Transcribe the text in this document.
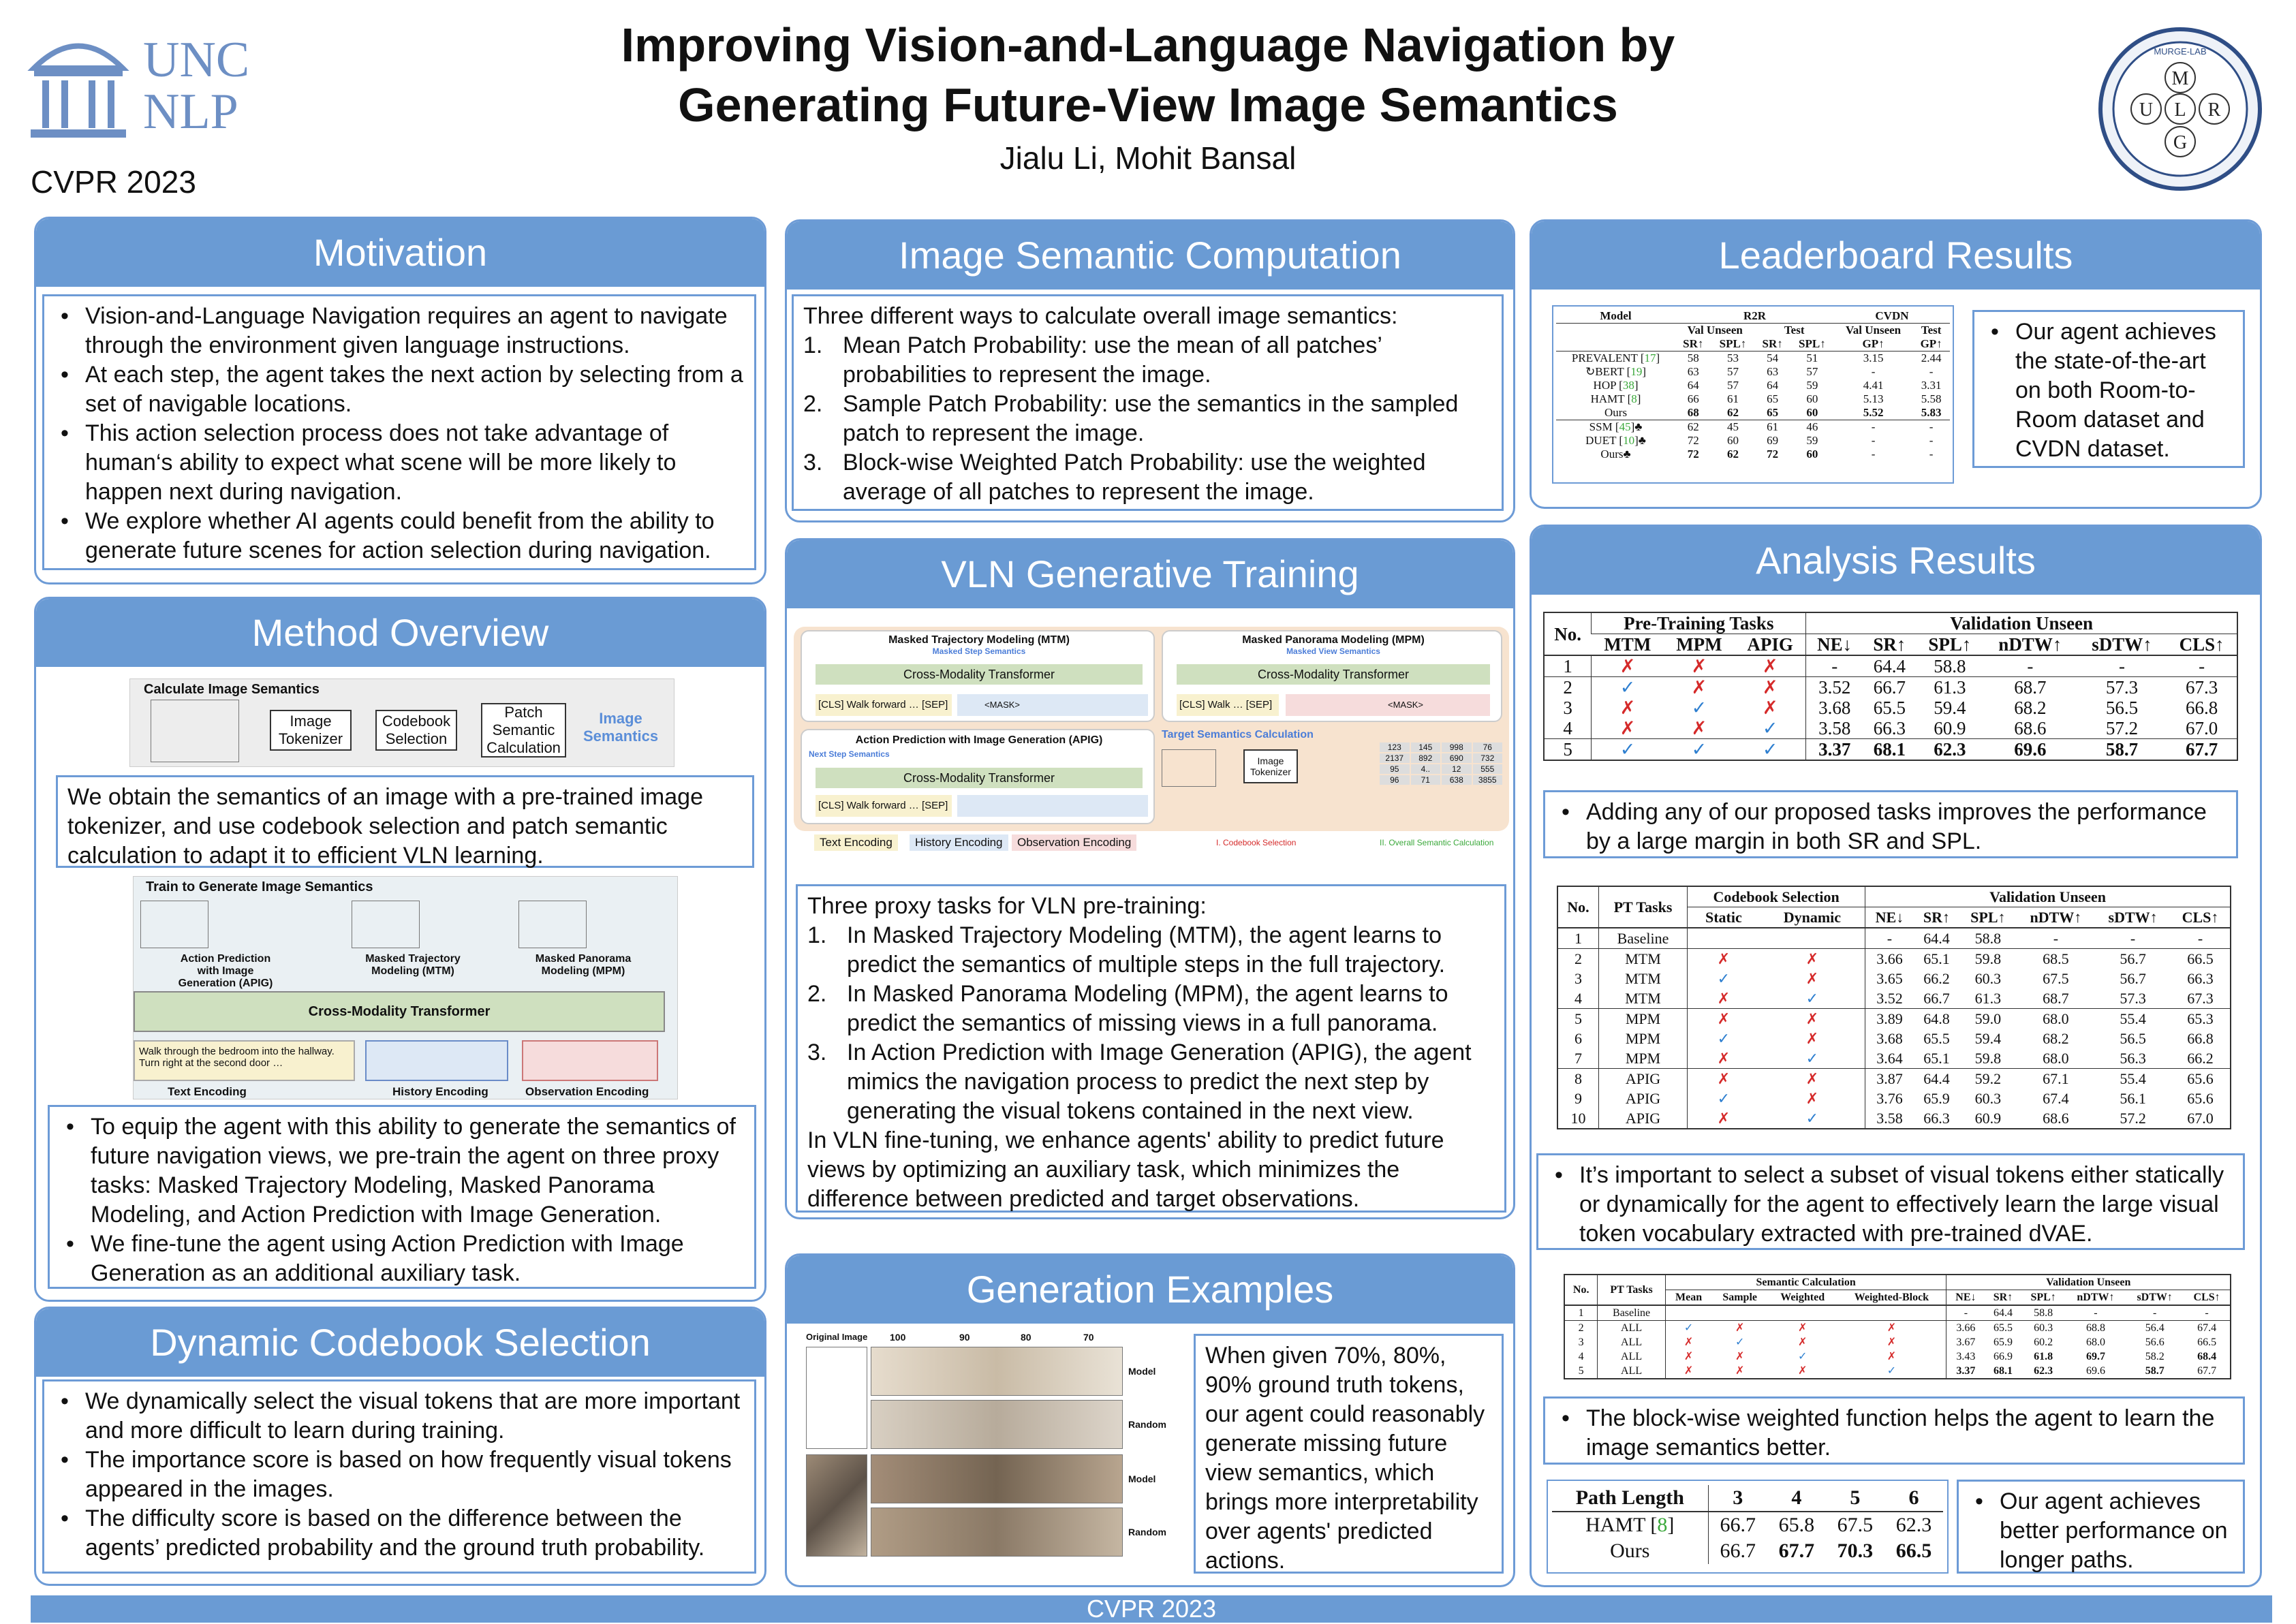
UNC
NLP
Improving Vision-and-Language Navigation by
Generating Future-View Image Semantics
Jialu Li, Mohit Bansal
CVPR 2023
MURGE-LAB
M
U L R
G
Motivation
• Vision-and-Language Navigation requires an agent to navigate through the environment given language instructions.
• At each step, the agent takes the next action by selecting from a set of navigable locations.
• This action selection process does not take advantage of human‘s ability to expect what scene will be more likely to happen next during navigation.
• We explore whether AI agents could benefit from the ability to generate future scenes for action selection during navigation.
Method Overview
Calculate Image Semantics
Image Tokenizer
Codebook Selection
Patch Semantic Calculation
Image Semantics
We obtain the semantics of an image with a pre-trained image tokenizer, and use codebook selection and patch semantic calculation to adapt it to efficient VLN learning.
Train to Generate Image Semantics
Action Prediction with Image Generation (APIG)
Masked Trajectory Modeling (MTM)
Masked Panorama Modeling (MPM)
Cross-Modality Transformer
Walk through the bedroom into the hallway. Turn right at the second door …
Text Encoding	History Encoding	Observation Encoding
• To equip the agent with this ability to generate the semantics of future navigation views, we pre-train the agent on three proxy tasks: Masked Trajectory Modeling, Masked Panorama Modeling, and Action Prediction with Image Generation.
• We fine-tune the agent using Action Prediction with Image Generation as an additional auxiliary task.
Dynamic Codebook Selection
• We dynamically select the visual tokens that are more important and more difficult to learn during training.
• The importance score is based on how frequently visual tokens appeared in the images.
• The difficulty score is based on the difference between the agents’ predicted probability and the ground truth probability.
Image Semantic Computation
Three different ways to calculate overall image semantics:
1. Mean Patch Probability: use the mean of all patches’ probabilities to represent the image.
2. Sample Patch Probability: use the semantics in the sampled patch to represent the image.
3. Block-wise Weighted Patch Probability: use the weighted average of all patches to represent the image.
VLN Generative Training
Masked Trajectory Modeling (MTM)
Masked Step Semantics
Cross-Modality Transformer
[CLS] Walk forward … [SEP]	<MASK>
Masked Panorama Modeling (MPM)
Masked View Semantics
Cross-Modality Transformer
[CLS] Walk … [SEP]	<MASK>
Action Prediction with Image Generation (APIG)
Next Step Semantics
Cross-Modality Transformer
[CLS] Walk forward … [SEP]
Target Semantics Calculation
Image Tokenizer
123	145	998	76
2137	892	690	732
95	4..	12	555
96	71	638	3855
I. Codebook Selection	II. Overall Semantic Calculation
Text Encoding	History Encoding	Observation Encoding
Three proxy tasks for VLN pre-training:
1. In Masked Trajectory Modeling (MTM), the agent learns to predict the semantics of multiple steps in the full trajectory.
2. In Masked Panorama Modeling (MPM), the agent learns to predict the semantics of missing views in a full panorama.
3. In Action Prediction with Image Generation (APIG), the agent mimics the navigation process to predict the next step by generating the visual tokens contained in the next view.
In VLN fine-tuning, we enhance agents' ability to predict future views by optimizing an auxiliary task, which minimizes the difference between predicted and target observations.
Generation Examples
Original Image 100	90	80	70
Model
Random
Model
Random
When given 70%, 80%, 90% ground truth tokens, our agent could reasonably generate missing future view semantics, which brings more interpretability over agents' predicted actions.
Leaderboard Results
Model	R2R				CVDN	
	Val Unseen		Test		Val Unseen	Test
	SR↑	SPL↑	SR↑	SPL↑	GP↑	GP↑
PREVALENT [17]	58	53	54	51	3.15	2.44
↻BERT [19]	63	57	63	57	-	-
HOP [38]	64	57	64	59	4.41	3.31
HAMT [8]	66	61	65	60	5.13	5.58
Ours	68	62	65	60	5.52	5.83
SSM [45]♣	62	45	61	46	-	-
DUET [10]♣	72	60	69	59	-	-
Ours♣	72	62	72	60	-	-
• Our agent achieves the state-of-the-art on both Room-to-Room dataset and CVDN dataset.
Analysis Results
No.	Pre-Training Tasks			Validation Unseen					
	MTM	MPM	APIG	NE↓	SR↑	SPL↑	nDTW↑	sDTW↑	CLS↑
1	✗	✗	✗	-	64.4	58.8	-	-	-
2	✓	✗	✗	3.52	66.7	61.3	68.7	57.3	67.3
3	✗	✓	✗	3.68	65.5	59.4	68.2	56.5	66.8
4	✗	✗	✓	3.58	66.3	60.9	68.6	57.2	67.0
5	✓	✓	✓	3.37	68.1	62.3	69.6	58.7	67.7
• Adding any of our proposed tasks improves the performance by a large margin in both SR and SPL.
No.	PT Tasks	Codebook Selection		Validation Unseen					
		Static	Dynamic	NE↓	SR↑	SPL↑	nDTW↑	sDTW↑	CLS↑
1	Baseline			-	64.4	58.8	-	-	-
2	MTM	✗	✗	3.66	65.1	59.8	68.5	56.7	66.5
3	MTM	✓	✗	3.65	66.2	60.3	67.5	56.7	66.3
4	MTM	✗	✓	3.52	66.7	61.3	68.7	57.3	67.3
5	MPM	✗	✗	3.89	64.8	59.0	68.0	55.4	65.3
6	MPM	✓	✗	3.68	65.5	59.4	68.2	56.5	66.8
7	MPM	✗	✓	3.64	65.1	59.8	68.0	56.3	66.2
8	APIG	✗	✗	3.87	64.4	59.2	67.1	55.4	65.6
9	APIG	✓	✗	3.76	65.9	60.3	67.4	56.1	65.6
10	APIG	✗	✓	3.58	66.3	60.9	68.6	57.2	67.0
• It’s important to select a subset of visual tokens either statically or dynamically for the agent to effectively learn the large visual token vocabulary extracted with pre-trained dVAE.
No.	PT Tasks	Semantic Calculation				Validation Unseen					
		Mean	Sample	Weighted	Weighted-Block	NE↓	SR↑	SPL↑	nDTW↑	sDTW↑	CLS↑
1	Baseline					-	64.4	58.8	-	-	-
2	ALL	✓	✗	✗	✗	3.66	65.5	60.3	68.8	56.4	67.4
3	ALL	✗	✓	✗	✗	3.67	65.9	60.2	68.0	56.6	66.5
4	ALL	✗	✗	✓	✗	3.43	66.9	61.8	69.7	58.2	68.4
5	ALL	✗	✗	✗	✓	3.37	68.1	62.3	69.6	58.7	67.7
• The block-wise weighted function helps the agent to learn the image semantics better.
Path Length	3	4	5	6
HAMT [8]	66.7	65.8	67.5	62.3
Ours	66.7	67.7	70.3	66.5
• Our agent achieves better performance on longer paths.
CVPR 2023
